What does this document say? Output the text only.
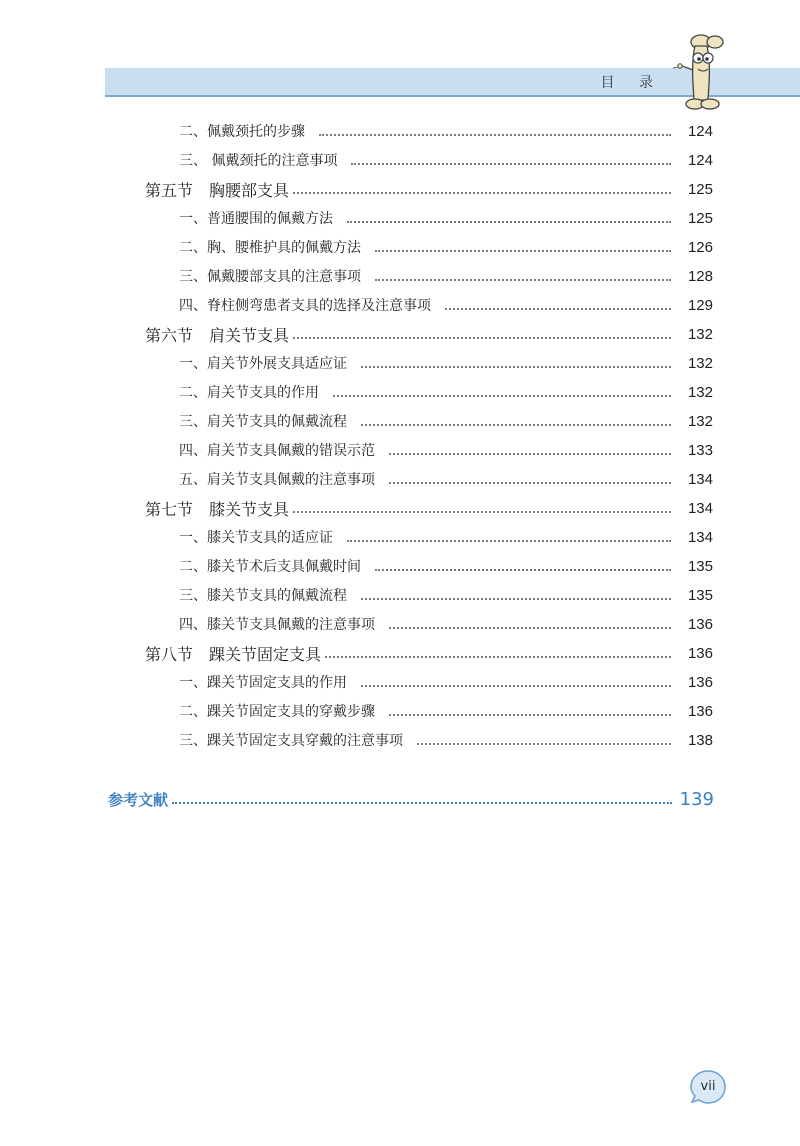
目 录
二、佩戴颈托的步骤	124
三、 佩戴颈托的注意事项	124
第五节　胸腰部支具	125
一、普通腰围的佩戴方法	125
二、胸、腰椎护具的佩戴方法	126
三、佩戴腰部支具的注意事项	128
四、脊柱侧弯患者支具的选择及注意事项	129
第六节　肩关节支具	132
一、肩关节外展支具适应证	132
二、肩关节支具的作用	132
三、肩关节支具的佩戴流程	132
四、肩关节支具佩戴的错误示范	133
五、肩关节支具佩戴的注意事项	134
第七节　膝关节支具	134
一、膝关节支具的适应证	134
二、膝关节术后支具佩戴时间	135
三、膝关节支具的佩戴流程	135
四、膝关节支具佩戴的注意事项	136
第八节　踝关节固定支具	136
一、踝关节固定支具的作用	136
二、踝关节固定支具的穿戴步骤	136
三、踝关节固定支具穿戴的注意事项	138
参考文献	139
vii
